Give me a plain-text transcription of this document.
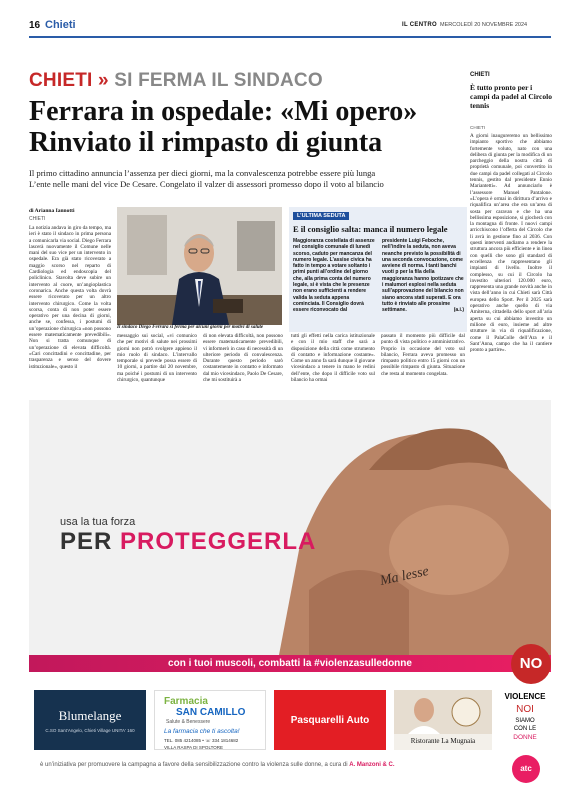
16 Chieti	IL CENTRO MERCOLEDÌ 20 NOVEMBRE 2024
CHIETI » SI FERMA IL SINDACO
Ferrara in ospedale: «Mi opero»
Rinviato il rimpasto di giunta
Il primo cittadino annuncia l’assenza per dieci giorni, ma la convalescenza potrebbe essere più lunga
L’ente nelle mani del vice De Cesare. Congelato il valzer di assessori promesso dopo il voto al bilancio
di Arianna Iannotti
CHIETI
La notizia andava in giro da tempo, ma ieri è stato il sindaco in prima persona a comunicarla via social. Diego Ferrara lascerà nuovamente il Comune nelle mani del suo vice per un intervento in ospedale. Era già stato ricoverato a maggio scorso nel reparto di Cardiologia ed endoscopia del policlinico. Stavolta deve subire un intervento al cuore, un’angioplastica coronarica. Anche questa volta dovrà essere ricoverato per un altro intervento chirurgico. Come la volta scorsa, conta di non poter essere operativo per una decina di giorni, anche se, confessa, i postumi di un’operazione chirurgica «non possono essere matematicamente prevedibili». Non si tratta comunque di un’operazione di elevata difficoltà. «Cari concittadini e concittadine, per trasparenza e senso del dovere istituzionale», questo il
Il sindaco Diego Ferrara si ferma per alcuni giorni per motivi di salute
L’ULTIMA SEDUTA
E il consiglio salta: manca il numero legale
Maggioranza costellata di assenze nel consiglio comunale di lunedì scorso, caduto per mancanza del numero legale. L’assise civica ha fatto in tempo a votare soltanto i primi punti all’ordine del giorno che, alla prima conta del numero legale, si è vista che le presenze non erano sufficienti a rendere valida la seduta appena cominciata. Il Consiglio dovrà essere riconvocato dal
presidente Luigi Feboche, nell’indire la seduta, non aveva neanche previsto la possibilità di una seconda convocazione, come avviene di norma. I tanti banchi vuoti p per la fila della maggioranza hanno ipotizzare che i malumori esplosi nella seduta sull’approvazione del bilancio non siano ancora stati superati. E ora tutto è rinviato alle prossime settimane.	(a.i.)
messaggio sui social, «vi comunico che per motivi di salute nei prossimi giorni non potrò svolgere appieno il mio ruolo di sindaco. L’intervallo temporale si prevede possa essere di 10 giorni, a partire dal 20 novembre, ma poiché i postumi di un intervento chirurgico, quantunque
di non elevata difficoltà, non possono essere matematicamente prevedibili, vi informerò in caso di necessità di un ulteriore periodo di convalescenza. Durante questo periodo sarò costantemente in contatto e informato dal mio vicesindaco, Paolo De Cesare, che mi sostituirà a
tutti gli effetti nella carica istituzionale e con il mio staff che sarà a disposizione della città come strumento di contatto e informazione costante». Come un anno fa sarà dunque il giovane vicesindaco a tenere in mano le redini dell’ente, che dopo il difficile voto sul bilancio ha ormai
passato il momento più difficile dal punto di vista politico e amministrativo. Proprio in occasione del voto sul bilancio, Ferrara aveva promesso un rimpasto politico entro 15 giorni con un possibile rimpasto di giunta. Situazione che resta al momento congelata.
CHIETI
È tutto pronto per i campi da padel al Circolo tennis
CHIETI
A giorni inaugureremo un bellissimo impianto sportivo che abbiamo fortemente voluto, nato con una delibera di giunta per la modifica di un parcheggio della nostra città di proprietà comunale, poi convertito in due campi da padel collegati al Circolo tennis, gestito dal presidente Ennio Mariantetti». Ad annunciarlo è l’assessore Manuel Pantalone. «L’opera è ormai in dirittura d’arrivo e riqualifica un’area che era un’area di sosta per caravan e che ha una bellissima esposizione, si giocherà con la montagna di fronte. I nuovi campi arricchiscono l’offerta del Circolo che li avrà in gestione fino al 2036. Con questi interventi andiamo a rendere la struttura ancora più efficiente e in linea con quelli che sono gli standard di eccellenza che rappresentano gli impianti di livello. Inoltre il complesso, su cui il Circolo ha investito ulteriori 120.000 euro, rappresenta una grande novità anche in vista dell’anno in cui Chieti sarà Città europea dello Sport. Per il 2025 sarà operativo anche quello di via Amiterna, cittadella dello sport all’aria aperta su cui abbiamo investito un milione di euro, insieme ad altre strutture in via di riqualificazione, come il PalaColle dell’Ara e il Sant’Anna, campo che ha il cantiere pronto a partire».
Ma lesse
usa la tua forza
PER PROTEGGERLA
con i tuoi muscoli, combatti la #violenzasulledonne	NO
Blumelange
C.SO Sant’Angelo, Chieti Village UNITA' 160
Farmacia
SAN CAMILLO
Salute & Benessere
La farmacia che ti ascolta!
TEL. 085 4214085 • ☏ 334 1814682
VILLA RASPA DI SPOLTORE
Pasquarelli Auto
Ristorante La Mugnaia
VIOLENCE
NOI
SIAMO
CON LE
DONNE
è un’iniziativa per promuovere la campagna a favore della sensibilizzazione contro la violenza sulle donne, a cura di A. Manzoni & C.	atc
